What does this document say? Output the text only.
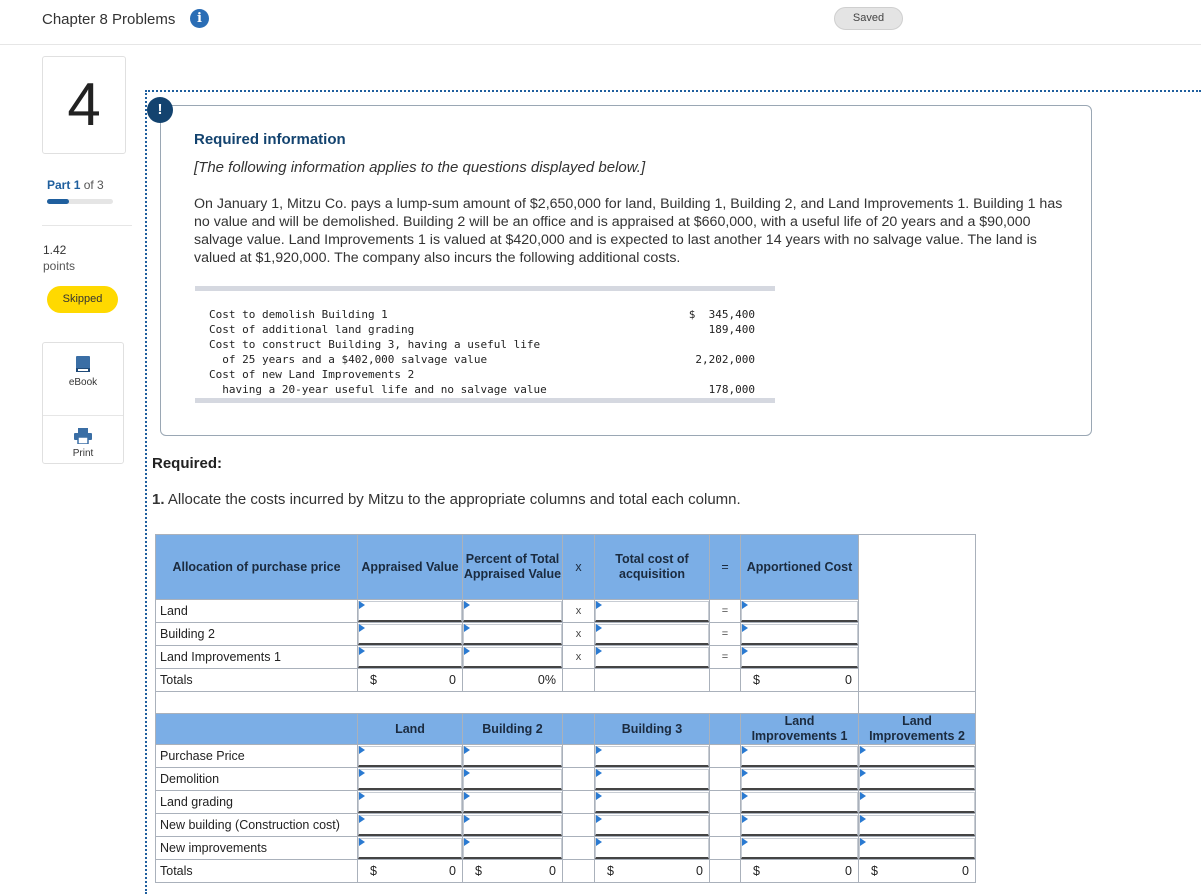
Chapter 8 Problems	i	Saved
4
Part 1 of 3
1.42
points
Skipped
eBook
Print
!
Required information
[The following information applies to the questions displayed below.]
On January 1, Mitzu Co. pays a lump-sum amount of $2,650,000 for land, Building 1, Building 2, and Land Improvements 1. Building 1 has no value and will be demolished. Building 2 will be an office and is appraised at $660,000, with a useful life of 20 years and a $90,000 salvage value. Land Improvements 1 is valued at $420,000 and is expected to last another 14 years with no salvage value. The land is valued at $1,920,000. The company also incurs the following additional costs.
Cost to demolish Building 1	$  345,400
Cost of additional land grading	189,400
Cost to construct Building 3, having a useful life
of 25 years and a $402,000 salvage value	2,202,000
Cost of new Land Improvements 2
having a 20-year useful life and no salvage value	178,000
Required:
1. Allocate the costs incurred by Mitzu to the appropriate columns and total each column.
Allocation of purchase price	Appraised Value	Percent of Total Appraised Value	x	Total cost of acquisition	=	Apportioned Cost	
Land			x		=	

Building 2			x		=	

Land Improvements 1			x		=	

Totals	$ 0	0%				$ 0	

	Land	Building 2		Building 3		Land Improvements 1	Land Improvements 2
Purchase Price	

Demolition	

Land grading	

New building (Construction cost)	

New improvements	

Totals	$ 0	$ 0		$ 0		$ 0	$ 0
